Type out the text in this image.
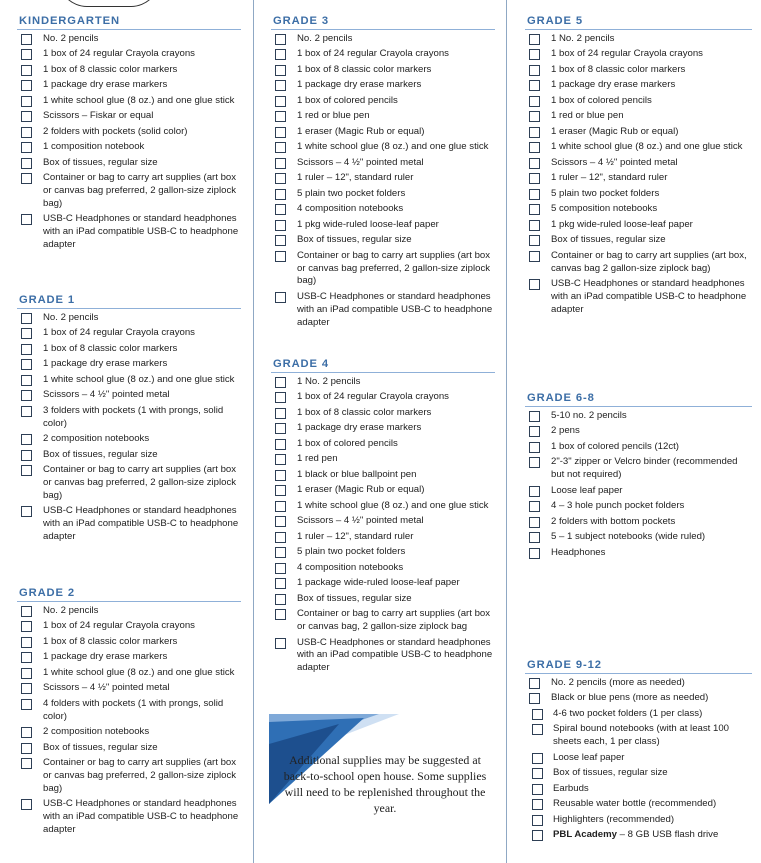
KINDERGARTEN
No. 2 pencils
1 box of 24 regular Crayola crayons
1 box of 8 classic color markers
1 package dry erase markers
1 white school glue (8 oz.) and one glue stick
Scissors – Fiskar or equal
2 folders with pockets (solid color)
1 composition notebook
Box of tissues, regular size
Container or bag to carry art supplies (art box or canvas bag preferred, 2 gallon-size ziplock bag)
USB-C Headphones or standard headphones with an iPad compatible USB-C to headphone adapter
GRADE 1
No. 2 pencils
1 box of 24 regular Crayola crayons
1 box of 8 classic color markers
1 package dry erase markers
1 white school glue (8 oz.) and one glue stick
Scissors – 4 ½" pointed metal
3 folders with pockets (1 with prongs, solid color)
2 composition notebooks
Box of tissues, regular size
Container or bag to carry art supplies (art box or canvas bag preferred, 2 gallon-size ziplock bag)
USB-C Headphones or standard headphones with an iPad compatible USB-C to headphone adapter
GRADE 2
No. 2 pencils
1 box of 24 regular Crayola crayons
1 box of 8 classic color markers
1 package dry erase markers
1 white school glue (8 oz.) and one glue stick
Scissors – 4 ½" pointed metal
4 folders with pockets (1 with prongs, solid color)
2 composition notebooks
Box of tissues, regular size
Container or bag to carry art supplies (art box or canvas bag preferred, 2 gallon-size ziplock bag)
USB-C Headphones or standard headphones with an iPad compatible USB-C to headphone adapter
GRADE 3
No. 2 pencils
1 box of 24 regular Crayola crayons
1 box of 8 classic color markers
1 package dry erase markers
1 box of colored pencils
1 red or blue pen
1 eraser (Magic Rub or equal)
1 white school glue (8 oz.) and one glue stick
Scissors – 4 ½" pointed metal
1 ruler – 12", standard ruler
5 plain two pocket folders
4 composition notebooks
1 pkg wide-ruled loose-leaf paper
Box of tissues, regular size
Container or bag to carry art supplies (art box or canvas bag preferred, 2 gallon-size ziplock bag)
USB-C Headphones or standard headphones with an iPad compatible USB-C to headphone adapter
GRADE 4
1 No. 2 pencils
1 box of 24 regular Crayola crayons
1 box of 8 classic color markers
1 package dry erase markers
1 box of colored pencils
1 red pen
1 black or blue ballpoint pen
1 eraser (Magic Rub or equal)
1 white school glue (8 oz.) and one glue stick
Scissors – 4 ½" pointed metal
1 ruler – 12", standard ruler
5 plain two pocket folders
4 composition notebooks
1 package wide-ruled loose-leaf paper
Box of tissues, regular size
Container or bag to carry art supplies (art box or canvas bag, 2 gallon-size ziplock bag
USB-C Headphones or standard headphones with an iPad compatible USB-C to headphone adapter
Additional supplies may be suggested at back-to-school open house. Some supplies will need to be replenished throughout the year.
GRADE 5
1 No. 2 pencils
1 box of 24 regular Crayola crayons
1 box of 8 classic color markers
1 package dry erase markers
1 box of colored pencils
1 red or blue pen
1 eraser (Magic Rub or equal)
1 white school glue (8 oz.) and one glue stick
Scissors – 4 ½" pointed metal
1 ruler – 12", standard ruler
5 plain two pocket folders
5 composition notebooks
1 pkg wide-ruled loose-leaf paper
Box of tissues, regular size
Container or bag to carry art supplies (art box, canvas bag 2 gallon-size ziplock bag)
USB-C Headphones or standard headphones with an iPad compatible USB-C to headphone adapter
GRADE 6-8
5-10 no. 2 pencils
2 pens
1 box of colored pencils (12ct)
2"-3" zipper or Velcro binder (recommended but not required)
Loose leaf paper
4 – 3 hole punch pocket folders
2 folders with bottom pockets
5 – 1 subject notebooks (wide ruled)
Headphones
GRADE 9-12
No. 2 pencils (more as needed)
Black or blue pens (more as needed)
4-6 two pocket folders (1 per class)
Spiral bound notebooks (with at least 100 sheets each, 1 per class)
Loose leaf paper
Box of tissues, regular size
Earbuds
Reusable water bottle (recommended)
Highlighters (recommended)
PBL Academy – 8 GB USB flash drive
